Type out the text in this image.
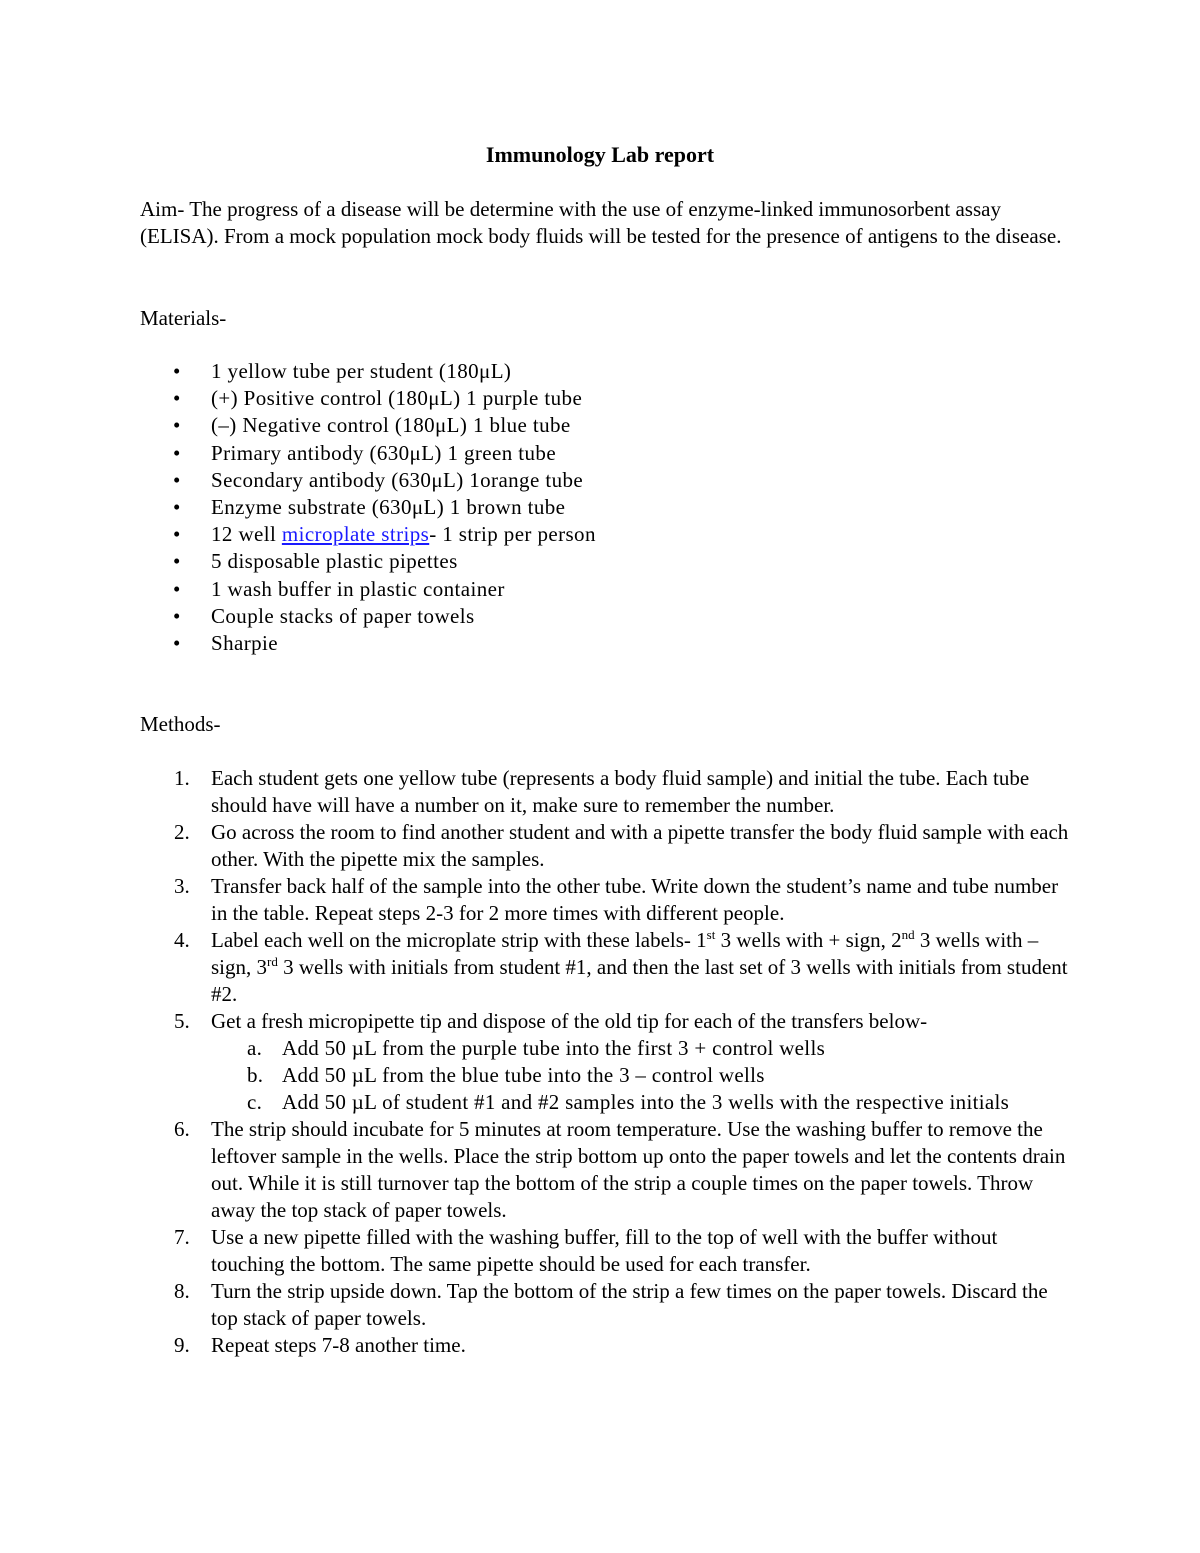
Immunology Lab report
Aim- The progress of a disease will be determine with the use of enzyme-linked immunosorbent assay (ELISA). From a mock population mock body fluids will be tested for the presence of antigens to the disease.
Materials-
• 1 yellow tube per student (180μL)
• (+) Positive control (180μL) 1 purple tube
• (–) Negative control (180μL) 1 blue tube
• Primary antibody (630μL) 1 green tube
• Secondary antibody (630μL) 1orange tube
• Enzyme substrate (630μL) 1 brown tube
• 12 well microplate strips- 1 strip per person
• 5 disposable plastic pipettes
• 1 wash buffer in plastic container
• Couple stacks of paper towels
• Sharpie
Methods-
1. Each student gets one yellow tube (represents a body fluid sample) and initial the tube. Each tube should have will have a number on it, make sure to remember the number.
2. Go across the room to find another student and with a pipette transfer the body fluid sample with each other. With the pipette mix the samples.
3. Transfer back half of the sample into the other tube. Write down the student’s name and tube number in the table. Repeat steps 2-3 for 2 more times with different people.
4. Label each well on the microplate strip with these labels- 1st 3 wells with + sign, 2nd 3 wells with – sign, 3rd 3 wells with initials from student #1, and then the last set of 3 wells with initials from student #2.
5. Get a fresh micropipette tip and dispose of the old tip for each of the transfers below-
a. Add 50 µL from the purple tube into the first 3 + control wells
b. Add 50 µL from the blue tube into the 3 – control wells
c. Add 50 µL of student #1 and #2 samples into the 3 wells with the respective initials
6. The strip should incubate for 5 minutes at room temperature. Use the washing buffer to remove the leftover sample in the wells. Place the strip bottom up onto the paper towels and let the contents drain out. While it is still turnover tap the bottom of the strip a couple times on the paper towels. Throw away the top stack of paper towels.
7. Use a new pipette filled with the washing buffer, fill to the top of well with the buffer without touching the bottom. The same pipette should be used for each transfer.
8. Turn the strip upside down. Tap the bottom of the strip a few times on the paper towels. Discard the top stack of paper towels.
9. Repeat steps 7-8 another time.
